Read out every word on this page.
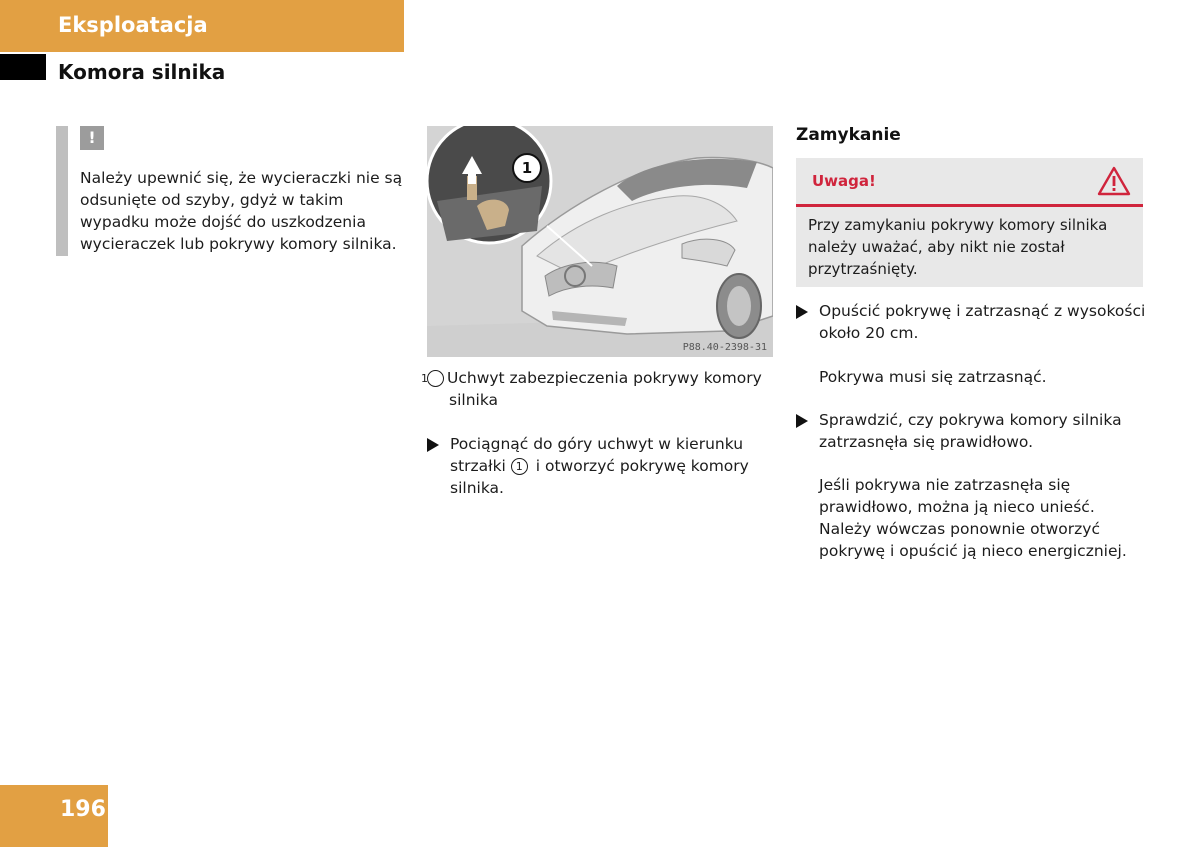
Eksploatacja
Komora silnika
!
Należy upewnić się, że wycieraczki nie są odsunięte od szyby, gdyż w takim wypadku może dojść do uszkodzenia wycieraczek lub pokrywy komory silnika.
1
P88.40-2398-31
1 Uchwyt zabezpieczenia pokrywy komory silnika
Pociągnąć do góry uchwyt w kierunku strzałki 1 i otworzyć pokrywę komory silnika.
Zamykanie
Uwaga!
Przy zamykaniu pokrywy komory silnika należy uważać, aby nikt nie został przytrzaśnięty.
Opuścić pokrywę i zatrzasnąć z wysokości około 20 cm.
Pokrywa musi się zatrzasnąć.
Sprawdzić, czy pokrywa komory silnika zatrzasnęła się prawidłowo.
Jeśli pokrywa nie zatrzasnęła się prawidłowo, można ją nieco unieść. Należy wówczas ponownie otworzyć pokrywę i opuścić ją nieco energiczniej.
196
